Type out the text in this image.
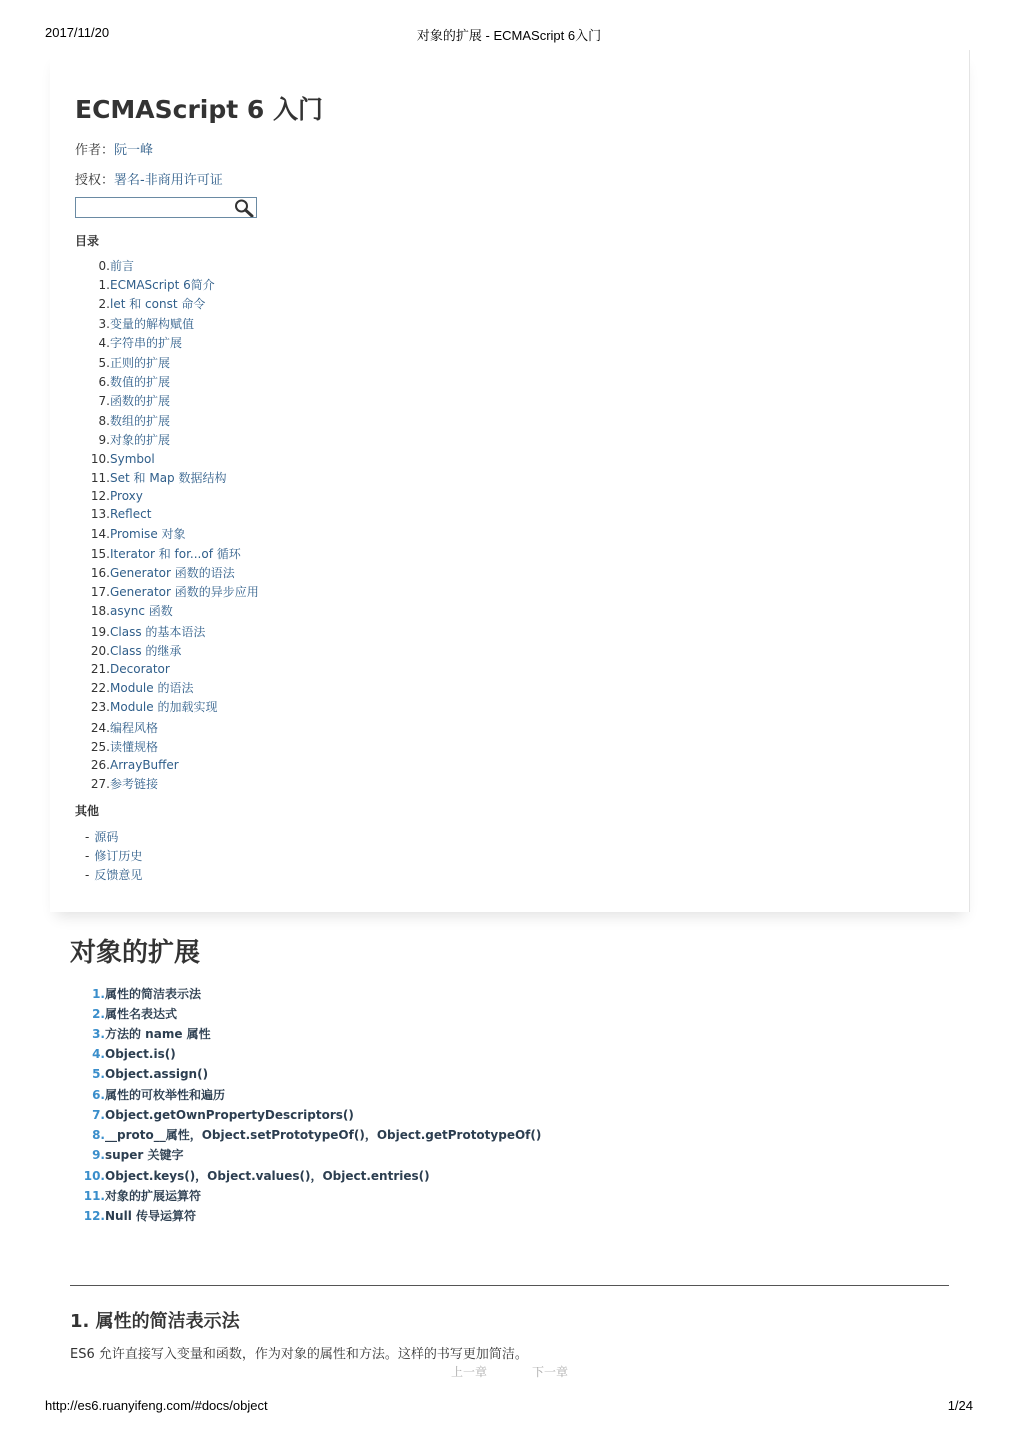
2017/11/20	对象的扩展 - ECMAScript 6入门
ECMAScript 6 入门
作者：阮一峰
授权：署名-非商用许可证
目录
0.前言
1.ECMAScript 6简介
2.let 和 const 命令
3.变量的解构赋值
4.字符串的扩展
5.正则的扩展
6.数值的扩展
7.函数的扩展
8.数组的扩展
9.对象的扩展
10.Symbol
11.Set 和 Map 数据结构
12.Proxy
13.Reflect
14.Promise 对象
15.Iterator 和 for...of 循环
16.Generator 函数的语法
17.Generator 函数的异步应用
18.async 函数
19.Class 的基本语法
20.Class 的继承
21.Decorator
22.Module 的语法
23.Module 的加载实现
24.编程风格
25.读懂规格
26.ArrayBuffer
27.参考链接
其他
- 源码
- 修订历史
- 反馈意见
对象的扩展
1.属性的简洁表示法
2.属性名表达式
3.方法的 name 属性
4.Object.is()
5.Object.assign()
6.属性的可枚举性和遍历
7.Object.getOwnPropertyDescriptors()
8.__proto__属性，Object.setPrototypeOf()，Object.getPrototypeOf()
9.super 关键字
10.Object.keys()，Object.values()，Object.entries()
11.对象的扩展运算符
12.Null 传导运算符
1. 属性的简洁表示法
ES6 允许直接写入变量和函数，作为对象的属性和方法。这样的书写更加简洁。
上一章	下一章
http://es6.ruanyifeng.com/#docs/object	1/24
